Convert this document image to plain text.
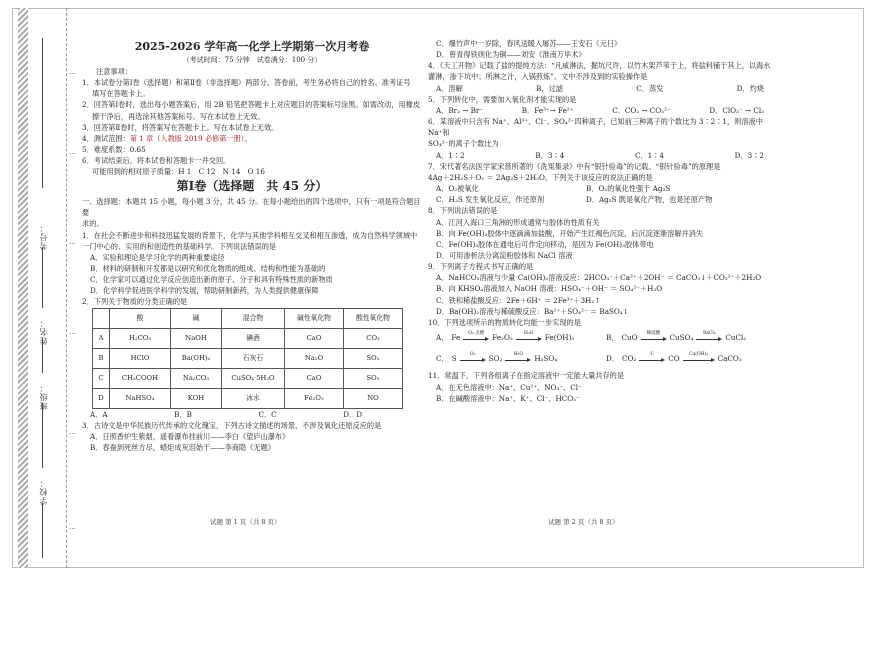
考号：
姓名：
班级：
学校：
…
…
…
…
…
…

2025-2026 学年高一化学上学期第一次月考卷

（考试时间：75 分钟　试卷满分：100 分）

注意事项：

1．本试卷分第Ⅰ卷（选择题）和第Ⅱ卷（非选择题）两部分。答卷前，考生务必将自己的姓名、准考证号

填写在答题卡上。

2．回答第Ⅰ卷时，选出每小题答案后，用 2B 铅笔把答题卡上对应题目的答案标号涂黑。如需改动，用橡皮

擦干净后，再选涂其他答案标号。写在本试卷上无效。

3．回答第Ⅱ卷时，将答案写在答题卡上。写在本试卷上无效。

4．测试范围：第 1 章（人教版 2019 必修第一册）。

5．难度系数：0.65

6．考试结束后，将本试卷和答题卡一并交回。

可能用到的相对原子质量：H 1　C 12　N 14　O 16

第Ⅰ卷（选择题　共 45 分）

一、选择题：本题共 15 小题，每小题 3 分，共 45 分。在每小题给出的四个选项中，只有一项是符合题目要

求的。

1．在社会不断进步和科技迅猛发展的背景下，化学与其他学科相互交叉和相互渗透，成为自然科学领域中

一门中心的、实用的和创造性的基础科学。下列说法错误的是

A．实验和理论是学习化学的两种重要途径

B．材料的研制和开发都是以研究和优化物质的组成、结构和性能为基础的

C．化学家可以通过化学反应创造出新的原子、分子和具有特殊性质的新物质

D．化学科学促进医学科学的发展，帮助研制新药，为人类提供健康保障

2．下列关于物质的分类正确的是

	酸	碱	混合物	碱性氧化物	酸性氧化物
A	H₂CO₃	NaOH	碘酒	CaO	CO₂
B	HClO	Ba(OH)₂	石灰石	Na₂O	SO₂
C	CH₃COOH	Na₂CO₃	CuSO₄·5H₂O	CaO	SO₃
D	NaHSO₄	KOH	冰水	Fe₂O₃	NO
A．A	B．B	C．C	D．D

3．古诗文是中华民族历代传承的文化瑰宝，下列古诗文描述的场景，不涉及氧化还原反应的是

A．日照香炉生紫烟，遥看瀑布挂前川——李白《望庐山瀑布》

B．春蚕到死丝方尽，蜡炬成灰泪始干——李商隐《无题》

试题 第 1 页（共 8 页）

C．爆竹声中一岁除，春风送暖入屠苏——王安石《元日》

D．曾青得铁则化为铜——刘安《淮南万毕术》

4．《天工开物》记载了盐的提纯方法：“凡咸淋法，掘坑尺许，以竹木架芦苇于上，将盐料铺于其上，以海水

灌淋，渗下坑中；所淋之汁，入锅煎炼”。文中不涉及到的实验操作是

A．溶解	B．过滤	C．蒸发	D．灼烧

5．下列转化中，需要加入氧化剂才能实现的是

A．Br₂ → Br⁻	B．Fe³⁺→ Fe²⁺	C．CO₂ → CO₃²⁻	D．ClO₃⁻ → Cl₂

6．某溶液中只含有 Na⁺、Al³⁺、Cl⁻、SO₄²⁻四种离子，已知前三种离子的个数比为 3∶2∶1，则溶液中 Na⁺和

SO₄²⁻的离子个数比为

A．1∶2	B．3∶4	C．1∶4	D．3∶2

7．宋代著名法医学家宋慈所著的《洗冤集录》中有“银针验毒”的记载。“银针验毒”的原理是

4Ag＋2H₂S＋O₂ ＝ 2Ag₂S＋2H₂O。下列关于该反应的说法正确的是

A．O₂被氧化	B．O₂的氧化性强于 Ag₂S
C．H₂S 发生氧化反应，作还原剂	D．Ag₂S 既是氧化产物，也是还原产物

8．下列说法错误的是

A．江河入海口三角洲的形成通常与胶体的性质有关

B．向 Fe(OH)₃胶体中逐滴滴加盐酸，开始产生红褐色沉淀，后沉淀逐渐溶解并消失

C．Fe(OH)₃胶体在通电后可作定向移动，是因为 Fe(OH)₃胶体带电

D．可用渗析法分离淀粉胶体和 NaCl 溶液

9．下列离子方程式书写正确的是

A．NaHCO₃溶液与少量 Ca(OH)₂溶液反应：2HCO₃⁻＋Ca²⁺＋2OH⁻ ＝ CaCO₃↓＋CO₃²⁻＋2H₂O

B．向 KHSO₄溶液加入 NaOH 溶液：HSO₄⁻＋OH⁻ ＝ SO₄²⁻＋H₂O

C．铁和稀盐酸反应：2Fe＋6H⁺ ＝ 2Fe³⁺＋3H₂↑

D．Ba(OH)₂溶液与稀硫酸反应：Ba²⁺＋SO₄²⁻ ＝ BaSO₄↓

10．下列选项所示的物质转化均能一步实现的是

A． Fe	O₂ 点燃	Fe₂O₃	H₂O	Fe(OH)₃	B． CuO	稀硫酸	CuSO₄	BaCl₂	CuCl₂
C． S	O₂	SO₂	H₂O	H₂SO₄	D． CO₂	C	CO	Ca(OH)₂	CaCO₃

11．常温下，下列各组离子在指定溶液中一定能大量共存的是

A．在无色溶液中：Na⁺、Cu²⁺、NO₃⁻、Cl⁻

B．在碱酸溶液中：Na⁺、K⁺、Cl⁻、HCO₃⁻

试题 第 2 页（共 8 页）
